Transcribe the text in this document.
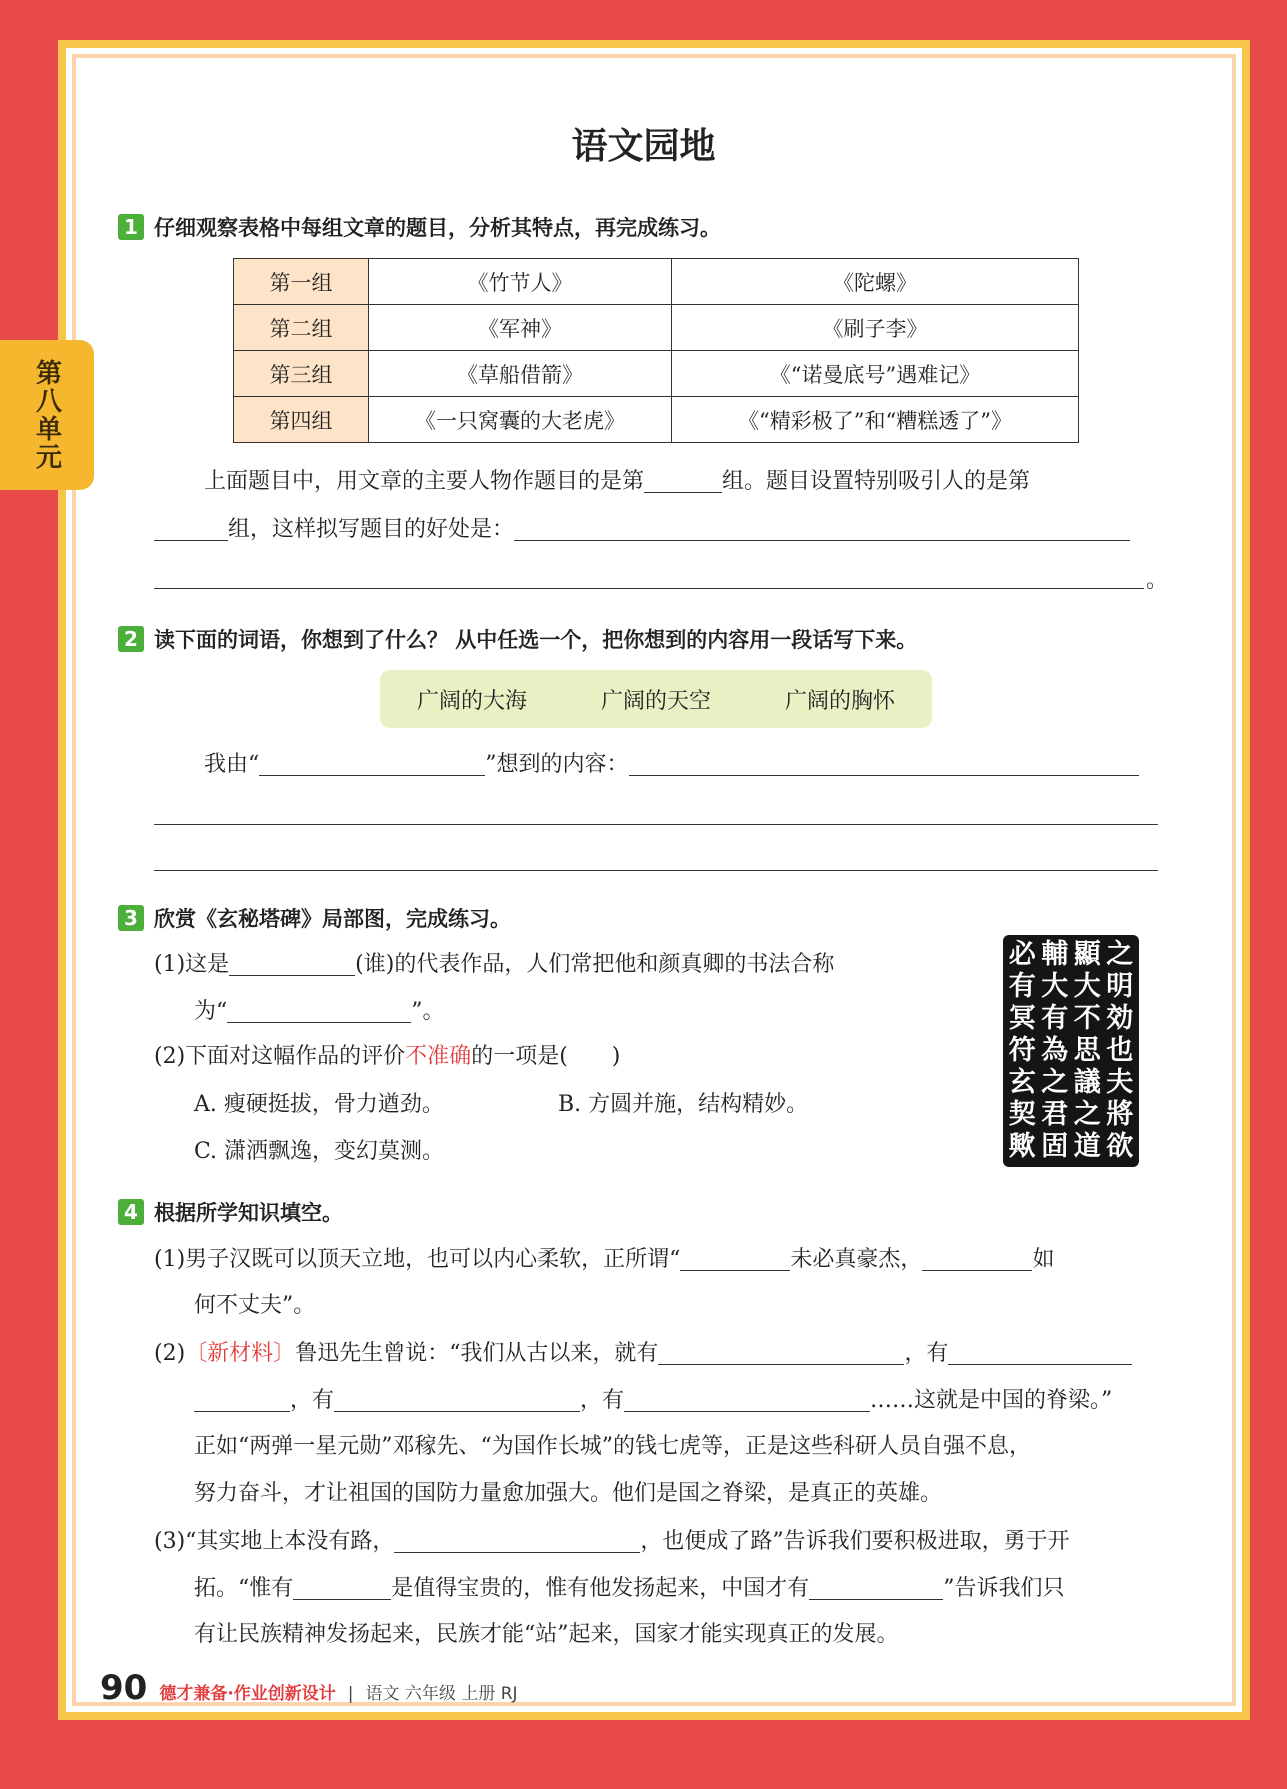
第八单元
语文园地
1 仔细观察表格中每组文章的题目，分析其特点，再完成练习。
第一组	《竹节人》	《陀螺》
第二组	《军神》	《刷子李》
第三组	《草船借箭》	《“诺曼底号”遇难记》
第四组	《一只窝囊的大老虎》	《“精彩极了”和“糟糕透了”》
上面题目中，用文章的主要人物作题目的是第	组。题目设置特别吸引人的是第
组，这样拟写题目的好处是：
。
2 读下面的词语，你想到了什么？ 从中任选一个，把你想到的内容用一段话写下来。
广阔的大海	广阔的天空	广阔的胸怀
我由“	”想到的内容：
3 欣赏《玄秘塔碑》局部图，完成练习。
(1)这是	(谁)的代表作品，人们常把他和颜真卿的书法合称
为“	”。
(2)下面对这幅作品的评价不准确的一项是(　　)
A. 瘦硬挺拔，骨力遒劲。	B. 方圆并施，结构精妙。
C. 潇洒飘逸，变幻莫测。
必 輔 顯 之
有 大 大 明
冥 有 不 効
符 為 思 也
玄 之 議 夫
契 君 之 將
歟 固 道 欲
4 根据所学知识填空。
(1)男子汉既可以顶天立地，也可以内心柔软，正所谓“	未必真豪杰，	如
何不丈夫”。
(2)〔新材料〕鲁迅先生曾说：“我们从古以来，就有	，有
，有	，有	……这就是中国的脊梁。”
正如“两弹一星元勋”邓稼先、“为国作长城”的钱七虎等，正是这些科研人员自强不息，
努力奋斗，才让祖国的国防力量愈加强大。他们是国之脊梁，是真正的英雄。
(3)“其实地上本没有路，	，也便成了路”告诉我们要积极进取，勇于开
拓。“惟有	是值得宝贵的，惟有他发扬起来，中国才有	”告诉我们只
有让民族精神发扬起来，民族才能“站”起来，国家才能实现真正的发展。
90 德才兼备·作业创新设计 | 语文 六年级 上册 RJ
